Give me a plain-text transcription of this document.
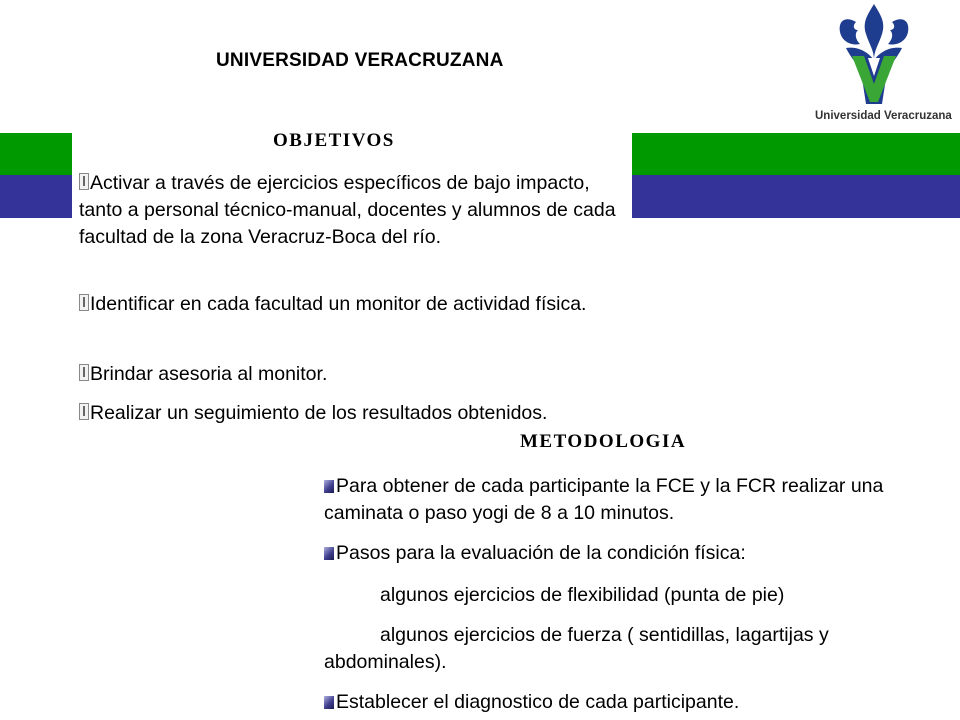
UNIVERSIDAD VERACRUZANA
Universidad Veracruzana
OBJETIVOS
Activar a través de ejercicios específicos de bajo impacto, tanto a personal técnico-manual, docentes y alumnos de cada facultad de la zona Veracruz-Boca del río.
Identificar en cada facultad un monitor de actividad física.
Brindar asesoria al monitor.
Realizar un seguimiento de los resultados obtenidos.
METODOLOGIA
Para obtener de cada participante la FCE y la FCR realizar una caminata o paso yogi de 8 a 10 minutos.
Pasos para la evaluación de la condición física:
algunos ejercicios de flexibilidad (punta de pie)
algunos ejercicios de fuerza ( sentidillas, lagartijas y abdominales).
Establecer el diagnostico de cada participante.
